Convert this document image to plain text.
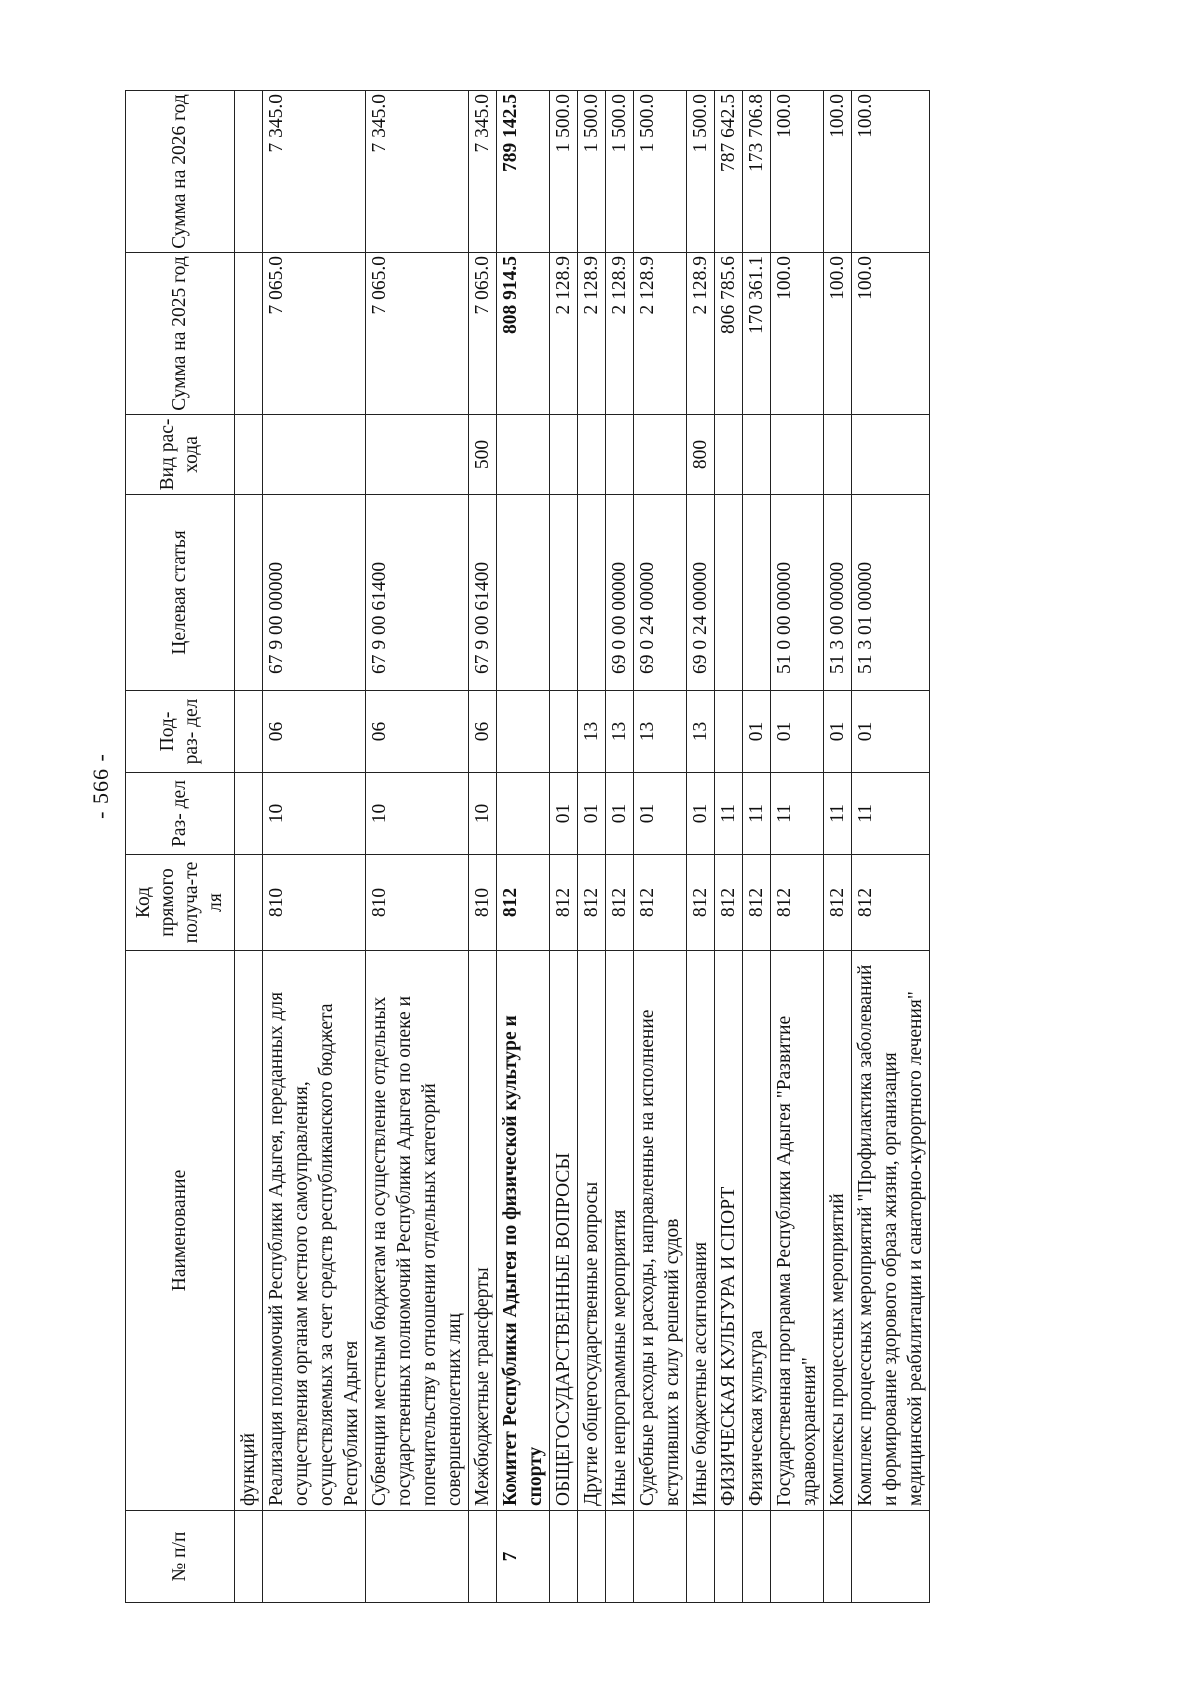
- 566 -
№ п/п	Наименование	Код прямого получа-те ля	Раз- дел	Под- раз- дел	Целевая статья	Вид рас- хода	Сумма на 2025 год	Сумма на 2026 год
	функций							
	Реализация полномочий Республики Адыгея, переданных для осуществления органам местного самоуправления, осуществляемых за счет средств республиканского бюджета Республики Адыгея	810	10	06	67 9 00 00000		7 065.0	7 345.0
	Субвенции местным бюджетам на осуществление отдельных государственных полномочий Республики Адыгея по опеке и попечительству в отношении отдельных категорий совершеннолетних лиц	810	10	06	67 9 00 61400		7 065.0	7 345.0
	Межбюджетные трансферты	810	10	06	67 9 00 61400	500	7 065.0	7 345.0
7	Комитет Республики Адыгея по физической культуре и спорту	812					808 914.5	789 142.5
	ОБЩЕГОСУДАРСТВЕННЫЕ ВОПРОСЫ	812	01				2 128.9	1 500.0
	Другие общегосударственные вопросы	812	01	13			2 128.9	1 500.0
	Иные непрограммные мероприятия	812	01	13	69 0 00 00000		2 128.9	1 500.0
	Судебные расходы и расходы, направленные на исполнение вступивших в силу решений судов	812	01	13	69 0 24 00000		2 128.9	1 500.0
	Иные бюджетные ассигнования	812	01	13	69 0 24 00000	800	2 128.9	1 500.0
	ФИЗИЧЕСКАЯ КУЛЬТУРА И СПОРТ	812	11				806 785.6	787 642.5
	Физическая культура	812	11	01			170 361.1	173 706.8
	Государственная программа Республики Адыгея "Развитие здравоохранения"	812	11	01	51 0 00 00000		100.0	100.0
	Комплексы процессных мероприятий	812	11	01	51 3 00 00000		100.0	100.0
	Комплекс процессных мероприятий "Профилактика заболеваний и формирование здорового образа жизни, организация медицинской реабилитации и санаторно-курортного лечения"	812	11	01	51 3 01 00000		100.0	100.0
